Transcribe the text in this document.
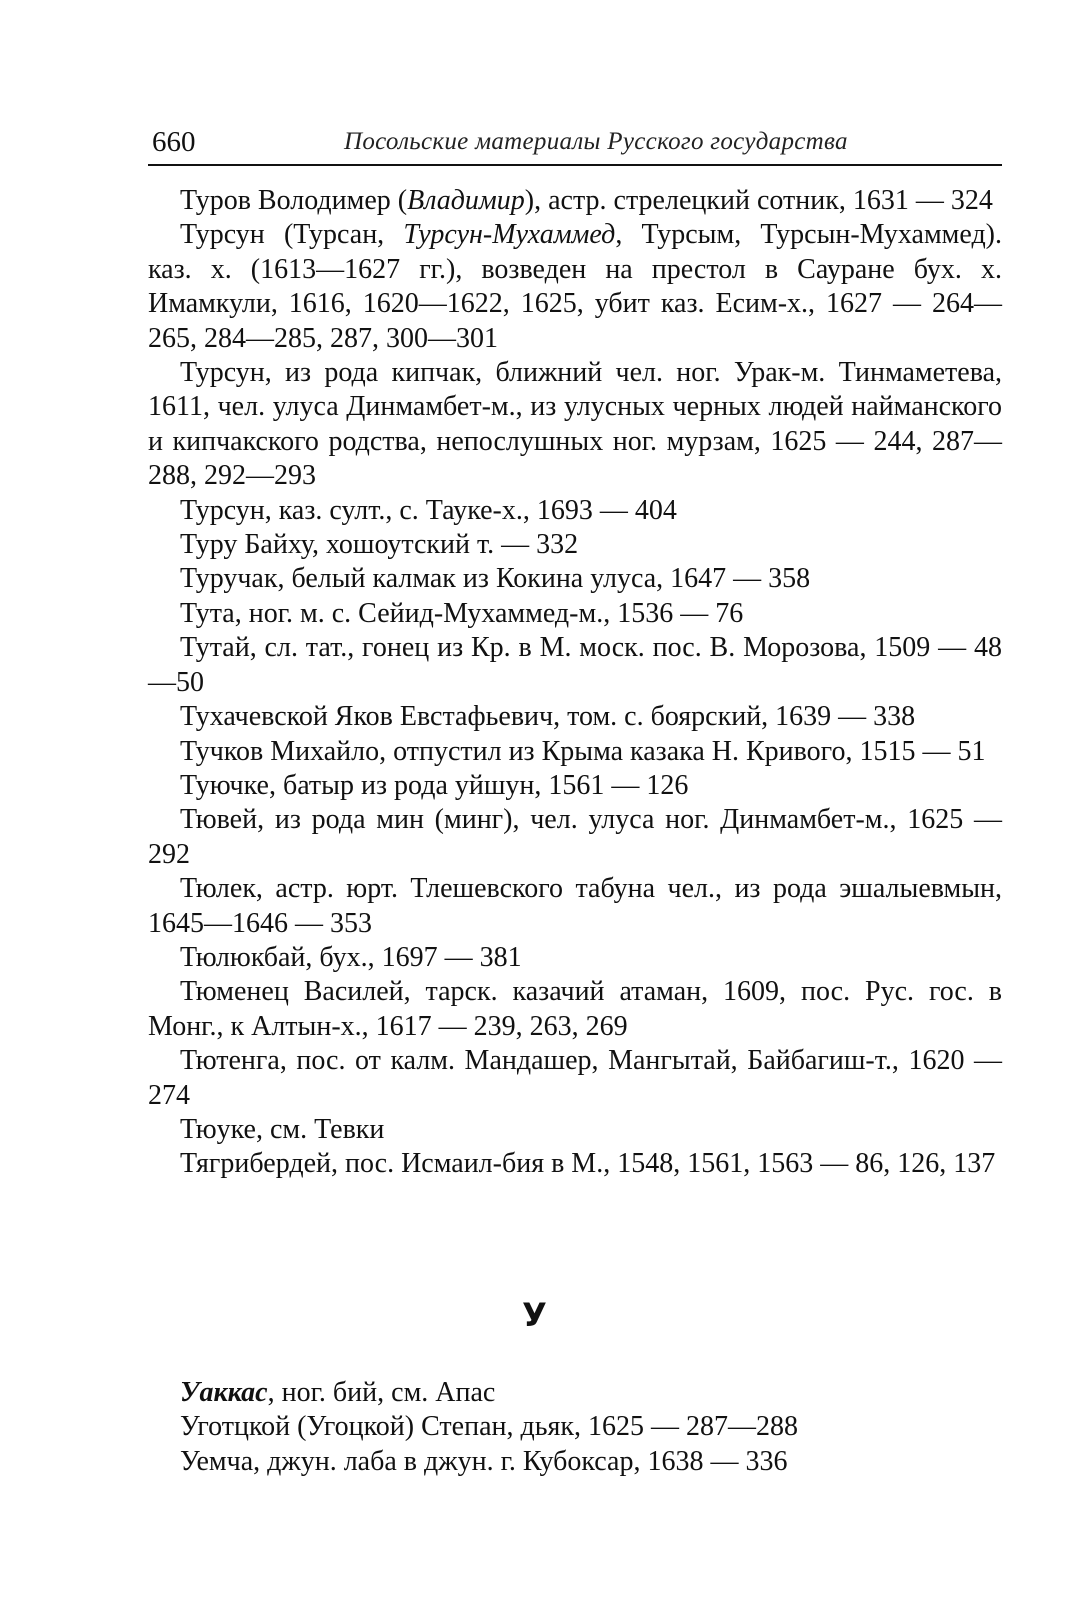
660	Посольские материалы Русского государства

Туров Володимер (Владимир), астр. стрелецкий сотник, 1631 — 324

Турсун (Турсан, Турсун-Мухаммед, Турсым, Турсын-Мухаммед). каз. х. (1613—1627 гг.), возведен на престол в Сауране бух. х. Имамкули, 1616, 1620—1622, 1625, убит каз. Есим-х., 1627 — 264—265, 284—285, 287, 300—301

Турсун, из рода кипчак, ближний чел. ног. Урак-м. Тинмаметева, 1611, чел. улуса Динмамбет-м., из улусных черных людей найманского и кипчакского родства, непослушных ног. мурзам, 1625 — 244, 287—288, 292—293

Турсун, каз. султ., с. Тауке-х., 1693 — 404

Туру Байху, хошоутский т. — 332

Туручак, белый калмак из Кокина улуса, 1647 — 358

Тута, ног. м. с. Сейид-Мухаммед-м., 1536 — 76

Тутай, сл. тат., гонец из Кр. в М. моск. пос. В. Морозова, 1509 — 48—50

Тухачевской Яков Евстафьевич, том. с. боярский, 1639 — 338

Тучков Михайло, отпустил из Крыма казака Н. Кривого, 1515 — 51

Туючке, батыр из рода уйшун, 1561 — 126

Тювей, из рода мин (минг), чел. улуса ног. Динмамбет-м., 1625 — 292

Тюлек, астр. юрт. Тлешевского табуна чел., из рода эшалыевмын, 1645—1646 — 353

Тюлюкбай, бух., 1697 — 381

Тюменец Василей, тарск. казачий атаман, 1609, пос. Рус. гос. в Монг., к Алтын-х., 1617 — 239, 263, 269

Тютенга, пос. от калм. Мандашер, Мангытай, Байбагиш-т., 1620 — 274

Тюуке, см. Тевки

Тягрибердей, пос. Исмаил-бия в М., 1548, 1561, 1563 — 86, 126, 137

У

Уаккас, ног. бий, см. Апас

Уготцкой (Угоцкой) Степан, дьяк, 1625 — 287—288

Уемча, джун. лаба в джун. г. Кубоксар, 1638 — 336
